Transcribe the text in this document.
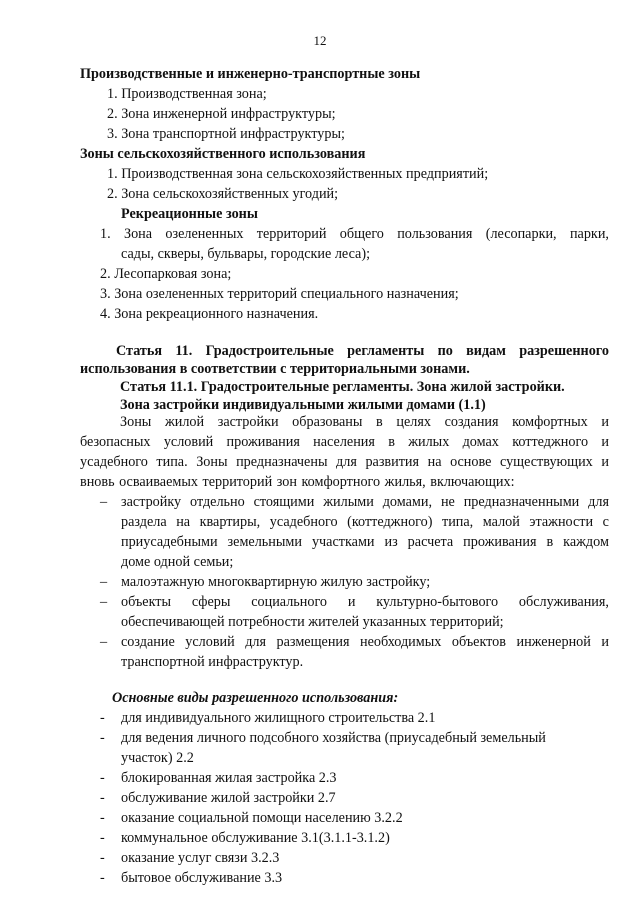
12
Производственные и инженерно-транспортные зоны
1. Производственная зона;
2. Зона инженерной инфраструктуры;
3. Зона транспортной инфраструктуры;
Зоны сельскохозяйственного использования
1. Производственная зона сельскохозяйственных предприятий;
2. Зона сельскохозяйственных угодий;
Рекреационные зоны
1. Зона озелененных территорий общего пользования (лесопарки, парки,
сады, скверы, бульвары, городские леса);
2. Лесопарковая зона;
3. Зона озелененных территорий специального назначения;
4. Зона рекреационного назначения.
Статья 11. Градостроительные регламенты по видам разрешенного
использования в соответствии с территориальными зонами.
Статья 11.1. Градостроительные регламенты. Зона жилой застройки.
Зона застройки индивидуальными жилыми домами (1.1)
Зоны жилой застройки образованы в целях создания комфортных и
безопасных условий проживания населения в жилых домах коттеджного и
усадебного типа. Зоны предназначены для развития на основе существующих и
вновь осваиваемых территорий зон комфортного жилья, включающих:
– застройку отдельно стоящими жилыми домами, не предназначенными для
раздела на квартиры, усадебного (коттеджного) типа, малой этажности с
приусадебными земельными участками из расчета проживания в каждом
доме одной семьи;
– малоэтажную многоквартирную жилую застройку;
– объекты сферы социального и культурно-бытового обслуживания,
обеспечивающей потребности жителей указанных территорий;
– создание условий для размещения необходимых объектов инженерной и
транспортной инфраструктур.
Основные виды разрешенного использования:
- для индивидуального жилищного строительства 2.1
- для ведения личного подсобного хозяйства (приусадебный земельный
участок) 2.2
- блокированная жилая застройка 2.3
- обслуживание жилой застройки 2.7
- оказание социальной помощи населению 3.2.2
- коммунальное обслуживание 3.1(3.1.1-3.1.2)
- оказание услуг связи 3.2.3
- бытовое обслуживание 3.3
